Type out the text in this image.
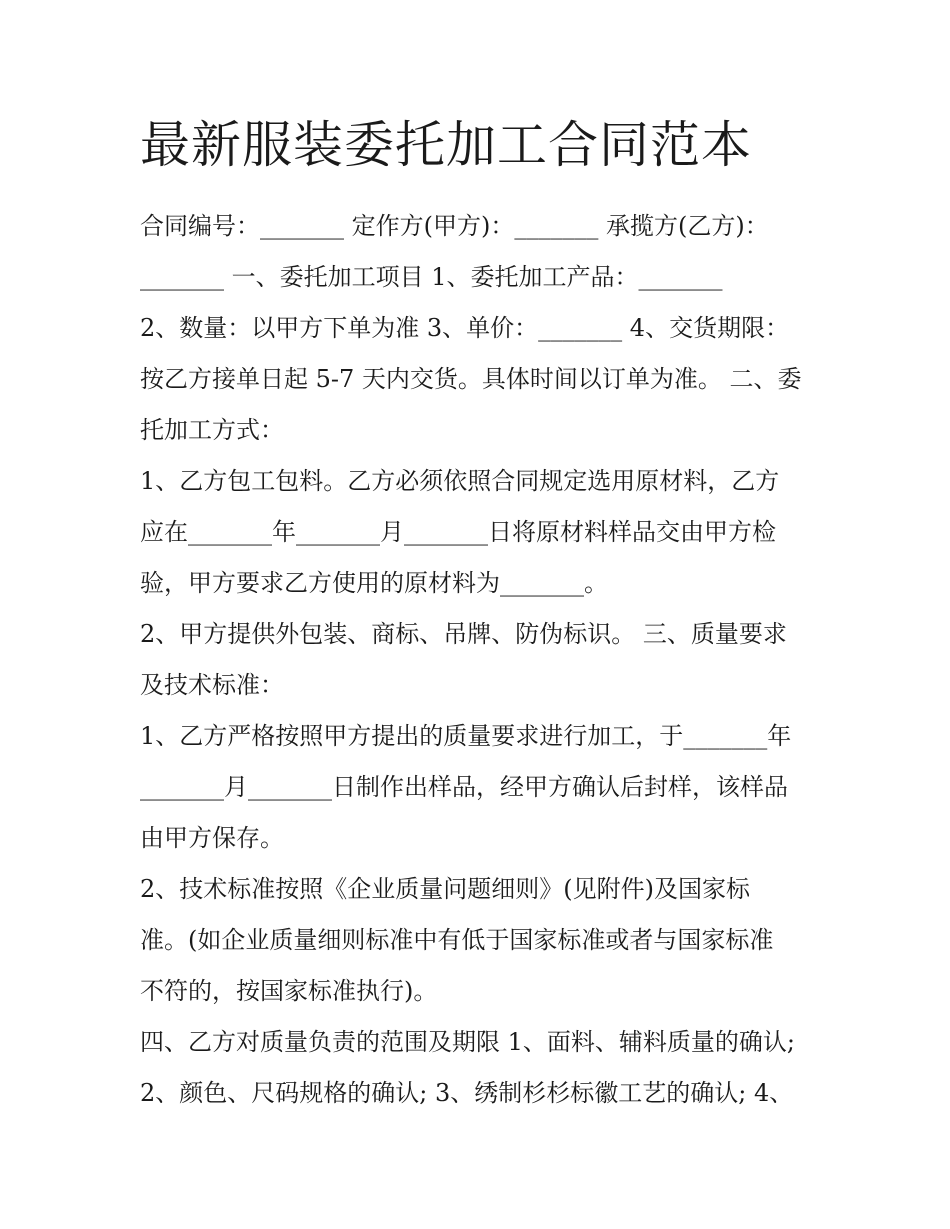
最新服装委托加工合同范本
合同编号：_______ 定作方(甲方)：_______ 承揽方(乙方)：
_______ 一、委托加工项目 1、委托加工产品：_______
2、数量：以甲方下单为准 3、单价：_______ 4、交货期限：
按乙方接单日起 5-7 天内交货。具体时间以订单为准。 二、委
托加工方式：
1、乙方包工包料。乙方必须依照合同规定选用原材料，乙方
应在_______年_______月_______日将原材料样品交由甲方检
验，甲方要求乙方使用的原材料为_______。
2、甲方提供外包装、商标、吊牌、防伪标识。 三、质量要求
及技术标准：
1、乙方严格按照甲方提出的质量要求进行加工，于_______年
_______月_______日制作出样品，经甲方确认后封样，该样品
由甲方保存。
2、技术标准按照《企业质量问题细则》(见附件)及国家标
准。(如企业质量细则标准中有低于国家标准或者与国家标准
不符的，按国家标准执行)。
四、乙方对质量负责的范围及期限 1、面料、辅料质量的确认;
2、颜色、尺码规格的确认; 3、绣制杉杉标徽工艺的确认; 4、
